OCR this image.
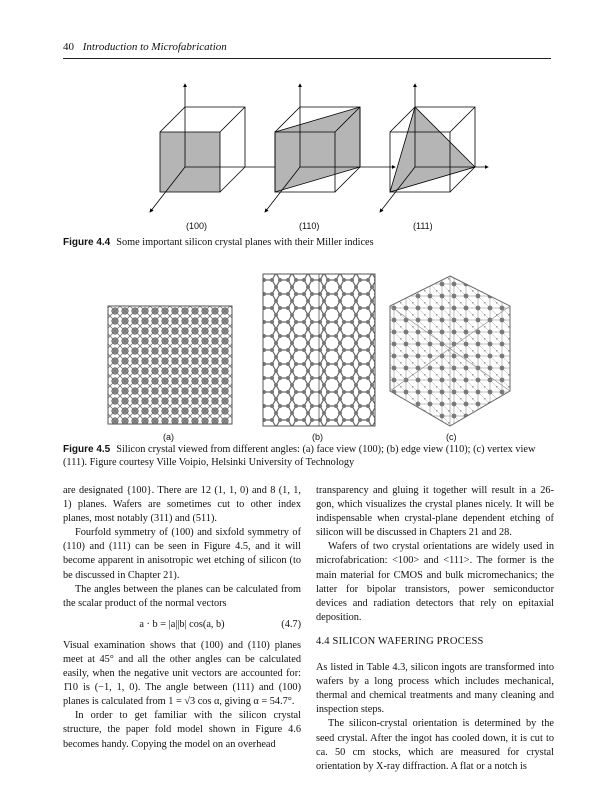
40 Introduction to Microfabrication
(100)	(110)	(111)
Figure 4.4 Some important silicon crystal planes with their Miller indices
(a)	(b)	(c)
Figure 4.5 Silicon crystal viewed from different angles: (a) face view (100); (b) edge view (110); (c) vertex view (111). Figure courtesy Ville Voipio, Helsinki University of Technology

are designated {100}. There are 12 (1, 1, 0) and 8 (1, 1, 1) planes. Wafers are sometimes cut to other index planes, most notably (311) and (511).

Fourfold symmetry of (100) and sixfold symmetry of (110) and (111) can be seen in Figure 4.5, and it will become apparent in anisotropic wet etching of silicon (to be discussed in Chapter 21).

The angles between the planes can be calculated from the scalar product of the normal vectors

a · b = |a||b| cos(a, b)	(4.7)

Visual examination shows that (100) and (110) planes meet at 45° and all the other angles can be calculated easily, when the negative unit vectors are accounted for: 1̄10 is (−1, 1, 0). The angle between (111) and (100) planes is calculated from 1 = √3 cos α, giving α = 54.7°.

In order to get familiar with the silicon crystal structure, the paper fold model shown in Figure 4.6 becomes handy. Copying the model on an overhead

transparency and gluing it together will result in a 26-gon, which visualizes the crystal planes nicely. It will be indispensable when crystal-plane dependent etching of silicon will be discussed in Chapters 21 and 28.

Wafers of two crystal orientations are widely used in microfabrication: <100> and <111>. The former is the main material for CMOS and bulk micromechanics; the latter for bipolar transistors, power semiconductor devices and radiation detectors that rely on epitaxial deposition.

4.4 SILICON WAFERING PROCESS

As listed in Table 4.3, silicon ingots are transformed into wafers by a long process which includes mechanical, thermal and chemical treatments and many cleaning and inspection steps.

The silicon-crystal orientation is determined by the seed crystal. After the ingot has cooled down, it is cut to ca. 50 cm stocks, which are measured for crystal orientation by X-ray diffraction. A flat or a notch is
